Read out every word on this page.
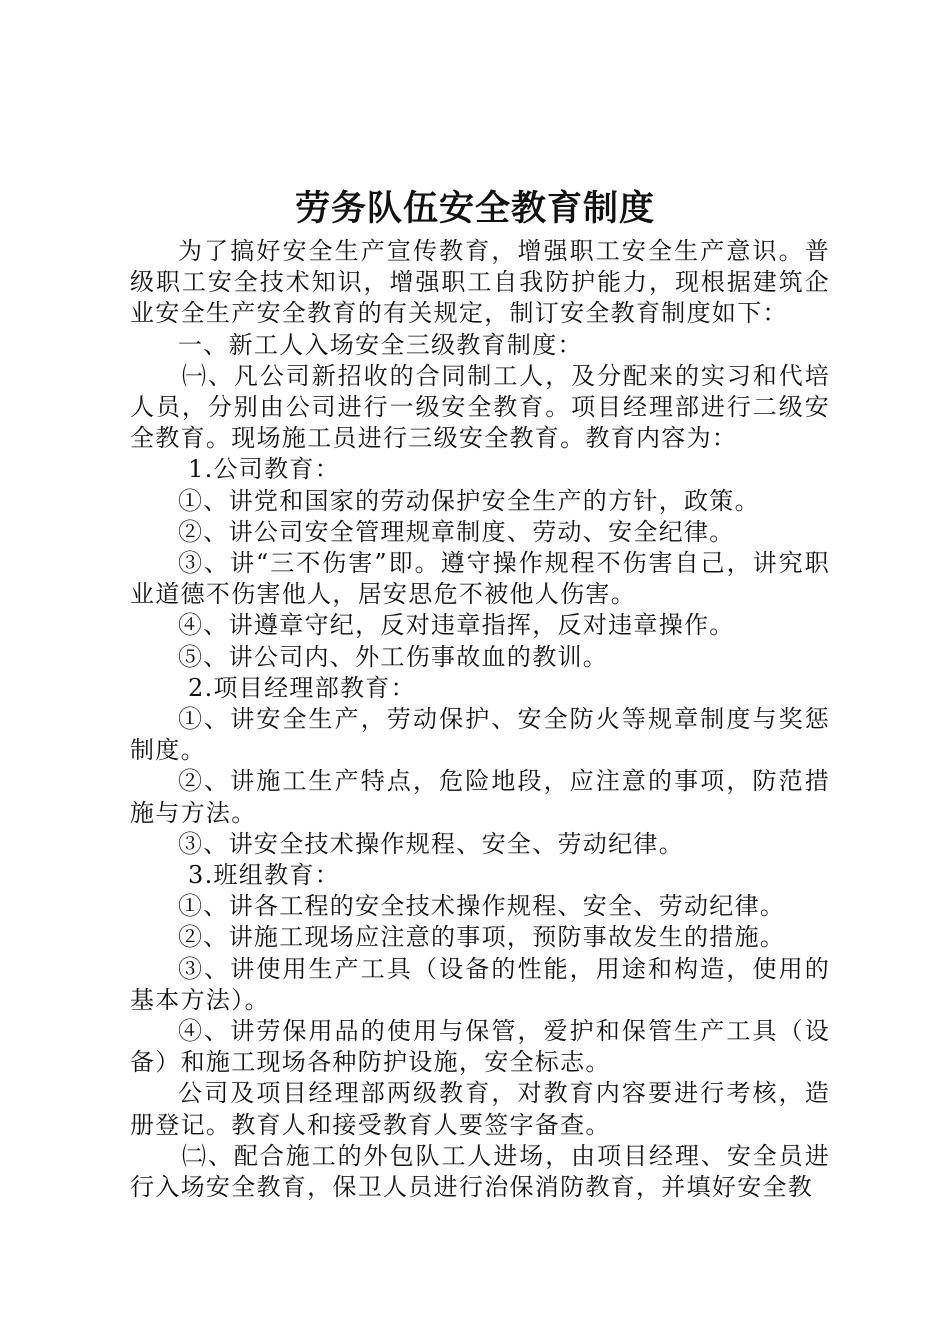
劳务队伍安全教育制度

为了搞好安全生产宣传教育，增强职工安全生产意识。普级职工安全技术知识，增强职工自我防护能力，现根据建筑企业安全生产安全教育的有关规定，制订安全教育制度如下：

一、新工人入场安全三级教育制度：

㈠、凡公司新招收的合同制工人，及分配来的实习和代培人员，分别由公司进行一级安全教育。项目经理部进行二级安全教育。现场施工员进行三级安全教育。教育内容为：

1.公司教育：

①、讲党和国家的劳动保护安全生产的方针，政策。

②、讲公司安全管理规章制度、劳动、安全纪律。

③、讲“三不伤害”即。遵守操作规程不伤害自己，讲究职业道德不伤害他人，居安思危不被他人伤害。

④、讲遵章守纪，反对违章指挥，反对违章操作。

⑤、讲公司内、外工伤事故血的教训。

2.项目经理部教育：

①、讲安全生产，劳动保护、安全防火等规章制度与奖惩制度。

②、讲施工生产特点，危险地段，应注意的事项，防范措施与方法。

③、讲安全技术操作规程、安全、劳动纪律。

3.班组教育：

①、讲各工程的安全技术操作规程、安全、劳动纪律。

②、讲施工现场应注意的事项，预防事故发生的措施。

③、讲使用生产工具（设备的性能，用途和构造，使用的基本方法）。

④、讲劳保用品的使用与保管，爱护和保管生产工具（设备）和施工现场各种防护设施，安全标志。

公司及项目经理部两级教育，对教育内容要进行考核，造册登记。教育人和接受教育人要签字备查。

㈡、配合施工的外包队工人进场，由项目经理、安全员进行入场安全教育，保卫人员进行治保消防教育，并填好安全教
